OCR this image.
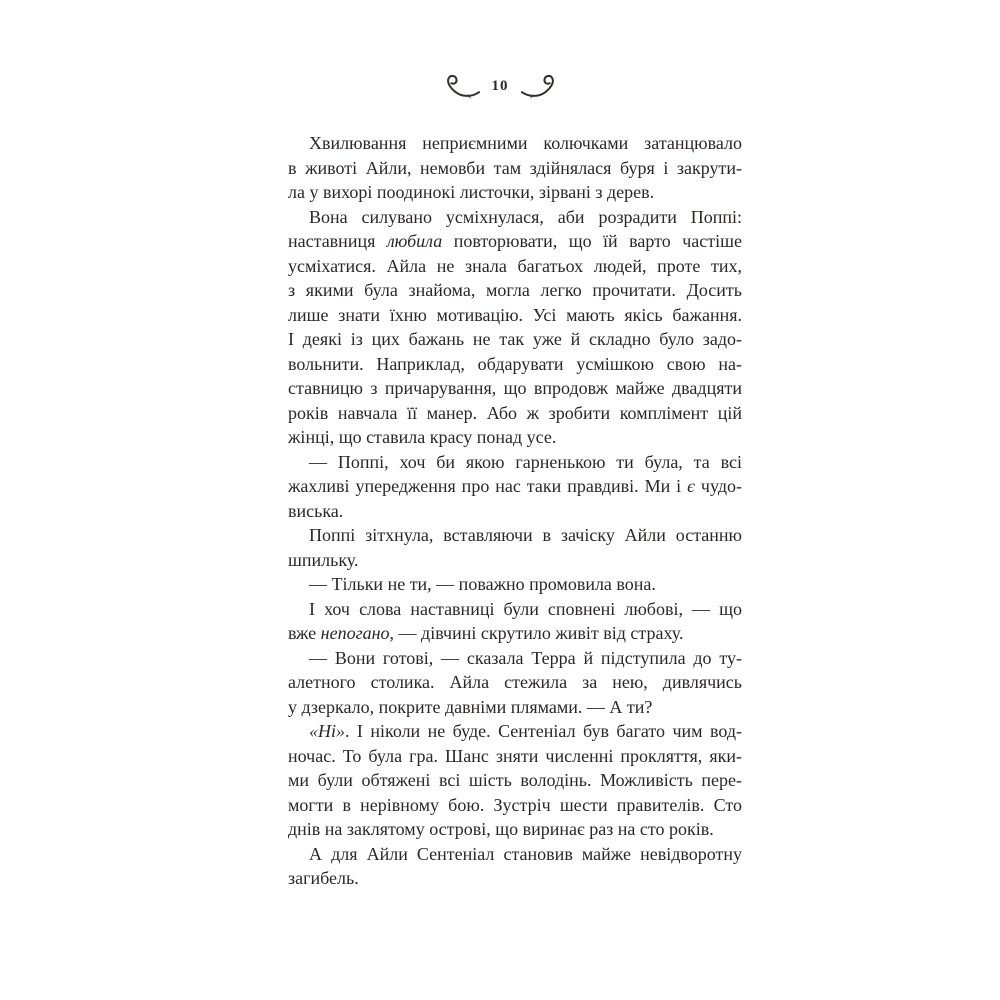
10
Хвилювання неприємними колючками затанцювало
в животі Айли, немовби там здійнялася буря і закрути-
ла у вихорі поодинокі листочки, зірвані з дерев.
Вона силувано усміхнулася, аби розрадити Поппі:
наставниця любила повторювати, що їй варто частіше
усміхатися. Айла не знала багатьох людей, проте тих,
з якими була знайома, могла легко прочитати. Досить
лише знати їхню мотивацію. Усі мають якісь бажання.
І деякі із цих бажань не так уже й складно було задо-
вольнити. Наприклад, обдарувати усмішкою свою на-
ставницю з причарування, що впродовж майже двадцяти
років навчала її манер. Або ж зробити комплімент цій
жінці, що ставила красу понад усе.
— Поппі, хоч би якою гарненькою ти була, та всі
жахливі упередження про нас таки правдиві. Ми і є чудо-
виська.
Поппі зітхнула, вставляючи в зачіску Айли останню
шпильку.
— Тільки не ти, — поважно промовила вона.
І хоч слова наставниці були сповнені любові, — що
вже непогано, — дівчині скрутило живіт від страху.
— Вони готові, — сказала Терра й підступила до ту-
алетного столика. Айла стежила за нею, дивлячись
у дзеркало, покрите давніми плямами. — А ти?
«Ні». І ніколи не буде. Сентеніал був багато чим вод-
ночас. То була гра. Шанс зняти численні прокляття, яки-
ми були обтяжені всі шість володінь. Можливість пере-
могти в нерівному бою. Зустріч шести правителів. Сто
днів на заклятому острові, що виринає раз на сто років.
А для Айли Сентеніал становив майже невідворотну
загибель.
